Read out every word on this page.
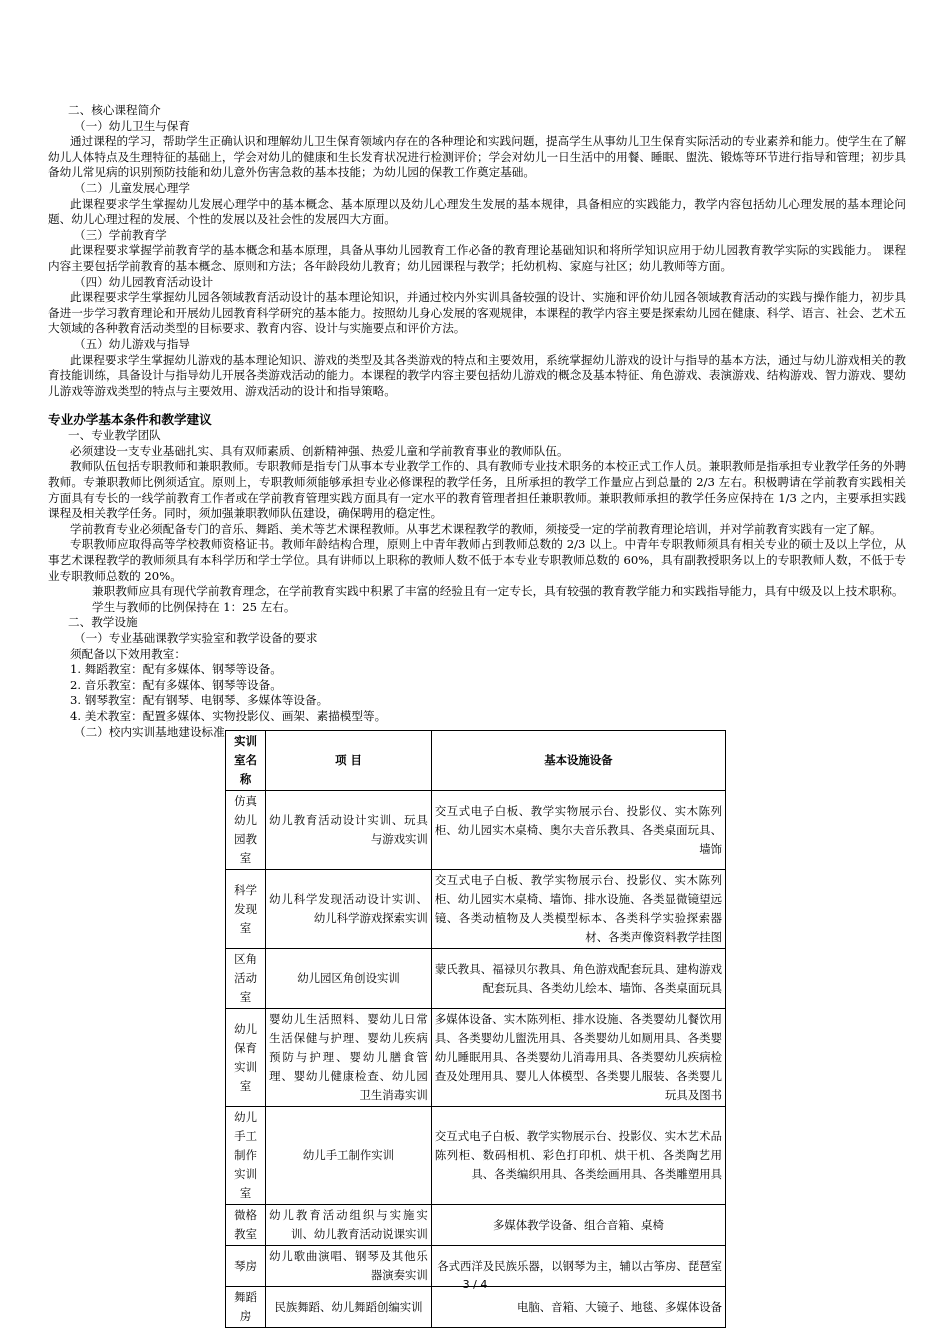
二、核心课程简介

（一）幼儿卫生与保育

通过课程的学习，帮助学生正确认识和理解幼儿卫生保育领域内存在的各种理论和实践问题，提高学生从事幼儿卫生保育实际活动的专业素养和能力。使学生在了解幼儿人体特点及生理特征的基础上，学会对幼儿的健康和生长发育状况进行检测评价；学会对幼儿一日生活中的用餐、睡眠、盥洗、锻炼等环节进行指导和管理；初步具备幼儿常见病的识别预防技能和幼儿意外伤害急救的基本技能；为幼儿园的保教工作奠定基础。

（二）儿童发展心理学

此课程要求学生掌握幼儿发展心理学中的基本概念、基本原理以及幼儿心理发生发展的基本规律，具备相应的实践能力，教学内容包括幼儿心理发展的基本理论问题、幼儿心理过程的发展、个性的发展以及社会性的发展四大方面。

（三）学前教育学

此课程要求掌握学前教育学的基本概念和基本原理，具备从事幼儿园教育工作必备的教育理论基础知识和将所学知识应用于幼儿园教育教学实际的实践能力。 课程内容主要包括学前教育的基本概念、原则和方法；各年龄段幼儿教育；幼儿园课程与教学；托幼机构、家庭与社区；幼儿教师等方面。

（四）幼儿园教育活动设计

此课程要求学生掌握幼儿园各领域教育活动设计的基本理论知识，并通过校内外实训具备较强的设计、实施和评价幼儿园各领域教育活动的实践与操作能力，初步具备进一步学习教育理论和开展幼儿园教育科学研究的基本能力。按照幼儿身心发展的客观规律，本课程的教学内容主要是探索幼儿园在健康、科学、语言、社会、艺术五大领域的各种教育活动类型的目标要求、教育内容、设计与实施要点和评价方法。

（五）幼儿游戏与指导

此课程要求学生掌握幼儿游戏的基本理论知识、游戏的类型及其各类游戏的特点和主要效用，系统掌握幼儿游戏的设计与指导的基本方法，通过与幼儿游戏相关的教育技能训练，具备设计与指导幼儿开展各类游戏活动的能力。本课程的教学内容主要包括幼儿游戏的概念及基本特征、角色游戏、表演游戏、结构游戏、智力游戏、婴幼儿游戏等游戏类型的特点与主要效用、游戏活动的设计和指导策略。

专业办学基本条件和教学建议

一、专业教学团队

必须建设一支专业基础扎实、具有双师素质、创新精神强、热爱儿童和学前教育事业的教师队伍。

教师队伍包括专职教师和兼职教师。专职教师是指专门从事本专业教学工作的、具有教师专业技术职务的本校正式工作人员。兼职教师是指承担专业教学任务的外聘教师。专兼职教师比例须适宜。原则上，专职教师须能够承担专业必修课程的教学任务，且所承担的教学工作量应占到总量的 2/3 左右。积极聘请在学前教育实践相关方面具有专长的一线学前教育工作者或在学前教育管理实践方面具有一定水平的教育管理者担任兼职教师。兼职教师承担的教学任务应保持在 1/3 之内，主要承担实践课程及相关教学任务。同时，须加强兼职教师队伍建设，确保聘用的稳定性。

学前教育专业必须配备专门的音乐、舞蹈、美术等艺术课程教师。从事艺术课程教学的教师，须接受一定的学前教育理论培训，并对学前教育实践有一定了解。

专职教师应取得高等学校教师资格证书。教师年龄结构合理，原则上中青年教师占到教师总数的 2/3 以上。中青年专职教师须具有相关专业的硕士及以上学位，从事艺术课程教学的教师须具有本科学历和学士学位。具有讲师以上职称的教师人数不低于本专业专职教师总数的 60%，具有副教授职务以上的专职教师人数，不低于专业专职教师总数的 20%。

兼职教师应具有现代学前教育理念，在学前教育实践中积累了丰富的经验且有一定专长，具有较强的教育教学能力和实践指导能力，具有中级及以上技术职称。

学生与教师的比例保持在 1：25 左右。

二、教学设施

（一）专业基础课教学实验室和教学设备的要求

须配备以下效用教室：

1. 舞蹈教室：配有多媒体、钢琴等设备。

2. 音乐教室：配有多媒体、钢琴等设备。

3. 钢琴教室：配有钢琴、电钢琴、多媒体等设备。

4. 美术教室：配置多媒体、实物投影仪、画架、素描模型等。

（二）校内实训基地建设标准

实训室名称	项 目	基本设施设备
仿真幼儿园教室	幼儿教育活动设计实训、玩具与游戏实训	交互式电子白板、教学实物展示台、投影仪、实木陈列柜、幼儿园实木桌椅、奥尔夫音乐教具、各类桌面玩具、墙饰
科学发现室	幼儿科学发现活动设计实训、幼儿科学游戏探索实训	交互式电子白板、教学实物展示台、投影仪、实木陈列柜、幼儿园实木桌椅、墙饰、排水设施、各类显微镜望远镜、各类动植物及人类模型标本、各类科学实验探索器材、各类声像资料教学挂图
区角活动室	幼儿园区角创设实训	蒙氏教具、福禄贝尔教具、角色游戏配套玩具、建构游戏配套玩具、各类幼儿绘本、墙饰、各类桌面玩具
幼儿保育实训室	婴幼儿生活照料、婴幼儿日常生活保健与护理、婴幼儿疾病预防与护理、婴幼儿膳食管理、婴幼儿健康检查、幼儿园卫生消毒实训	多媒体设备、实木陈列柜、排水设施、各类婴幼儿餐饮用具、各类婴幼儿盥洗用具、各类婴幼儿如厕用具、各类婴幼儿睡眠用具、各类婴幼儿消毒用具、各类婴幼儿疾病检查及处理用具、婴儿人体模型、各类婴儿服装、各类婴儿玩具及图书
幼儿手工制作实训室	幼儿手工制作实训	交互式电子白板、教学实物展示台、投影仪、实木艺术品陈列柜、数码相机、彩色打印机、烘干机、各类陶艺用具、各类编织用具、各类绘画用具、各类雕塑用具
微格教室	幼儿教育活动组织与实施实训、幼儿教育活动说课实训	多媒体教学设备、组合音箱、桌椅
琴房	幼儿歌曲演唱、钢琴及其他乐器演奏实训	各式西洋及民族乐器，以钢琴为主，辅以古筝房、琵琶室
舞蹈房	民族舞蹈、幼儿舞蹈创编实训	电脑、音箱、大镜子、地毯、多媒体设备
3 / 4
